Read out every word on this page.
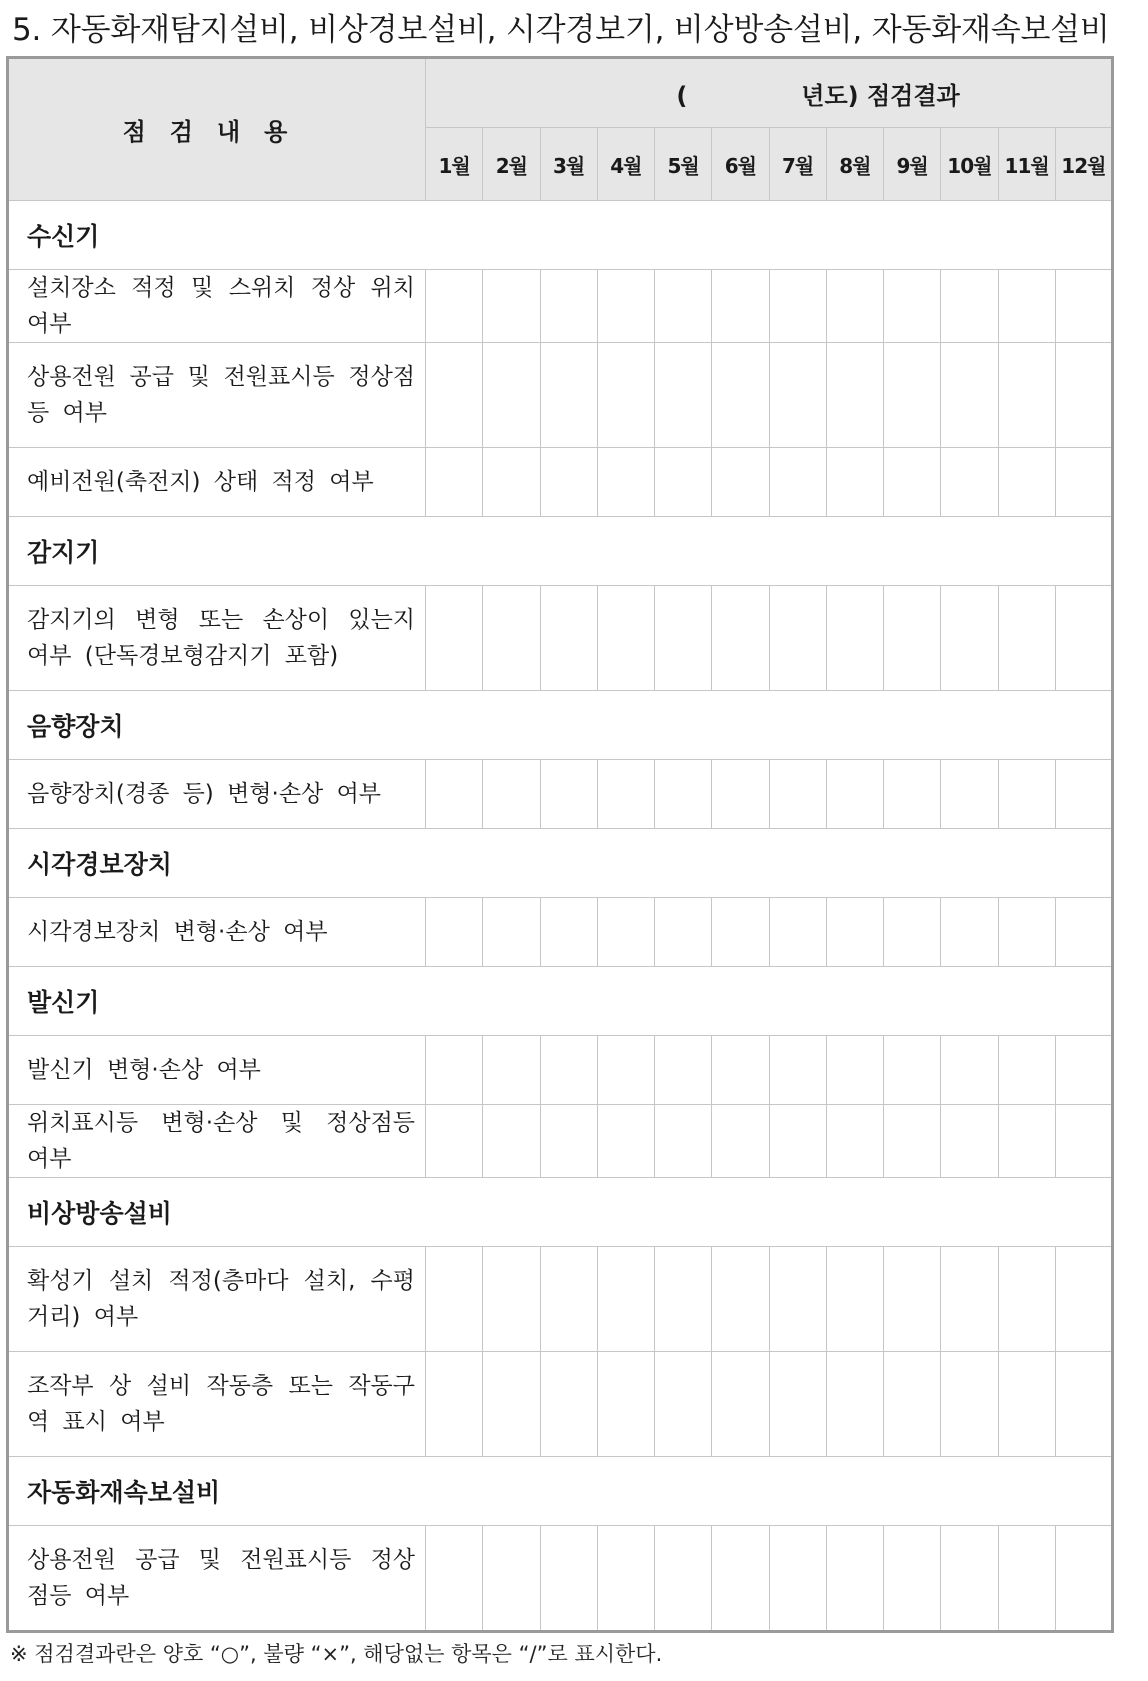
5. 자동화재탐지설비, 비상경보설비, 시각경보기, 비상방송설비, 자동화재속보설비
점검내용	( 년도) 점검결과											
	1월	2월	3월	4월	5월	6월	7월	8월	9월	10월	11월	12월
수신기												
설치장소 적정 및 스위치 정상 위치 여부												
상용전원 공급 및 전원표시등 정상점등 여부												
예비전원(축전지) 상태 적정 여부												
감지기												
감지기의 변형 또는 손상이 있는지 여부 (단독경보형감지기 포함)												
음향장치												
음향장치(경종 등) 변형·손상 여부												
시각경보장치												
시각경보장치 변형·손상 여부												
발신기												
발신기 변형·손상 여부												
위치표시등 변형·손상 및 정상점등 여부												
비상방송설비												
확성기 설치 적정(층마다 설치, 수평거리) 여부												
조작부 상 설비 작동층 또는 작동구역 표시 여부												
자동화재속보설비												
상용전원 공급 및 전원표시등 정상 점등 여부												
※ 점검결과란은 양호 “○”, 불량 “×”, 해당없는 항목은 “/”로 표시한다.
